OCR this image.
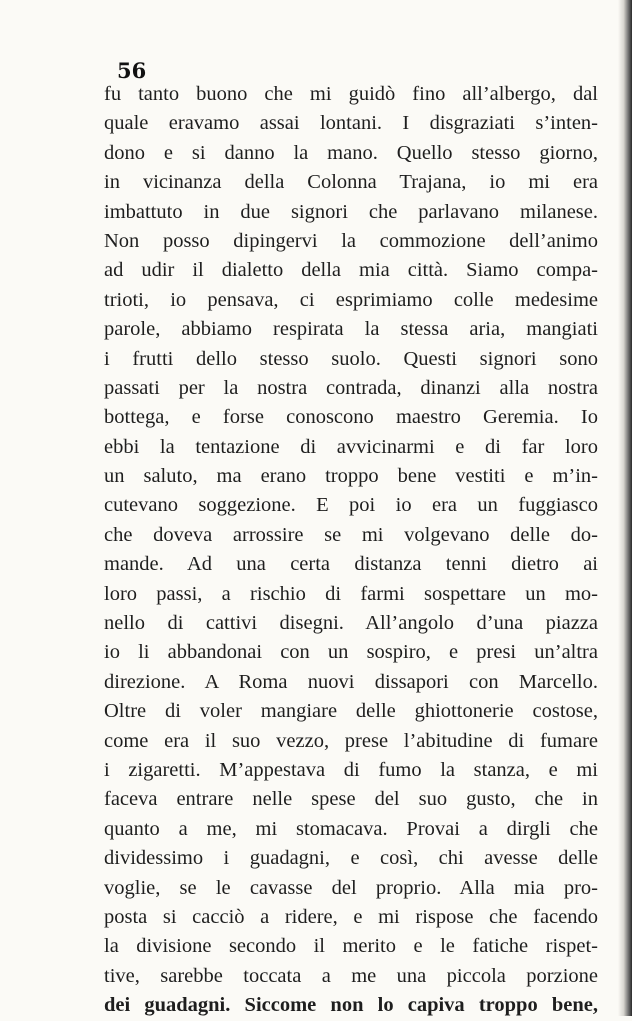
56
fu tanto buono che mi guidò fino all’albergo, dal
quale eravamo assai lontani. I disgraziati s’inten-
dono e si danno la mano. Quello stesso giorno,
in vicinanza della Colonna Trajana, io mi era
imbattuto in due signori che parlavano milanese.
Non posso dipingervi la commozione dell’animo
ad udir il dialetto della mia città. Siamo compa-
trioti, io pensava, ci esprimiamo colle medesime
parole, abbiamo respirata la stessa aria, mangiati
i frutti dello stesso suolo. Questi signori sono
passati per la nostra contrada, dinanzi alla nostra
bottega, e forse conoscono maestro Geremia. Io
ebbi la tentazione di avvicinarmi e di far loro
un saluto, ma erano troppo bene vestiti e m’in-
cutevano soggezione. E poi io era un fuggiasco
che doveva arrossire se mi volgevano delle do-
mande. Ad una certa distanza tenni dietro ai
loro passi, a rischio di farmi sospettare un mo-
nello di cattivi disegni. All’angolo d’una piazza
io li abbandonai con un sospiro, e presi un’altra
direzione. A Roma nuovi dissapori con Marcello.
Oltre di voler mangiare delle ghiottonerie costose,
come era il suo vezzo, prese l’abitudine di fumare
i zigaretti. M’appestava di fumo la stanza, e mi
faceva entrare nelle spese del suo gusto, che in
quanto a me, mi stomacava. Provai a dirgli che
dividessimo i guadagni, e così, chi avesse delle
voglie, se le cavasse del proprio. Alla mia pro-
posta si cacciò a ridere, e mi rispose che facendo
la divisione secondo il merito e le fatiche rispet-
tive, sarebbe toccata a me una piccola porzione
dei guadagni. Siccome non lo capiva troppo bene,
